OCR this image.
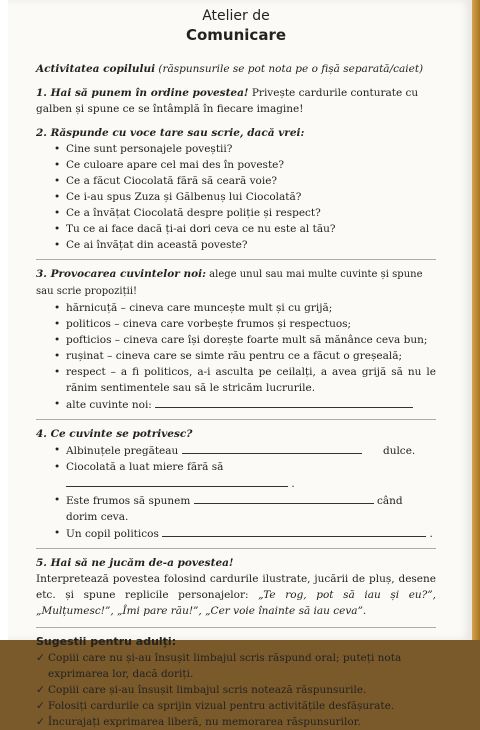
Atelier de
Comunicare
Activitatea copilului (răspunsurile se pot nota pe o fișă separată/caiet)
1. Hai să punem în ordine povestea! Privește cardurile conturate cu galben și spune ce se întâmplă în fiecare imagine!
2. Răspunde cu voce tare sau scrie, dacă vrei:
• Cine sunt personajele poveștii?
• Ce culoare apare cel mai des în poveste?
• Ce a făcut Ciocolată fără să ceară voie?
• Ce i-au spus Zuza și Gălbenuș lui Ciocolată?
• Ce a învățat Ciocolată despre poliție și respect?
• Tu ce ai face dacă ți-ai dori ceva ce nu este al tău?
• Ce ai învățat din această poveste?
3. Provocarea cuvintelor noi: alege unul sau mai multe cuvinte și spune sau scrie propoziții!
• hărnicuță – cineva care muncește mult și cu grijă;
• politicos – cineva care vorbește frumos și respectuos;
• pofticios – cineva care își dorește foarte mult să mănânce ceva bun;
• rușinat – cineva care se simte rău pentru ce a făcut o greșeală;
• respect – a fi politicos, a-i asculta pe ceilalți, a avea grijă să nu le rănim sentimentele sau să le stricăm lucrurile.
• alte cuvinte noi:
4. Ce cuvinte se potrivesc?
• Albinuțele pregăteau	dulce.
• Ciocolată a luat miere fără să  .
• Este frumos să spunem	când dorim ceva.
• Un copil politicos	.
5. Hai să ne jucăm de-a povestea!
Interpretează povestea folosind cardurile ilustrate, jucării de pluș, desene etc. și spune replicile personajelor: „Te rog, pot să iau și eu?”, „Mulțumesc!”, „Îmi pare rău!”, „Cer voie înainte să iau ceva”.
Sugestii pentru adulți:
✓ Copiii care nu și-au însușit limbajul scris răspund oral; puteți nota exprimarea lor, dacă doriți.
✓ Copiii care și-au însușit limbajul scris notează răspunsurile.
✓ Folosiți cardurile ca sprijin vizual pentru activitățile desfășurate.
✓ Încurajați exprimarea liberă, nu memorarea răspunsurilor.
